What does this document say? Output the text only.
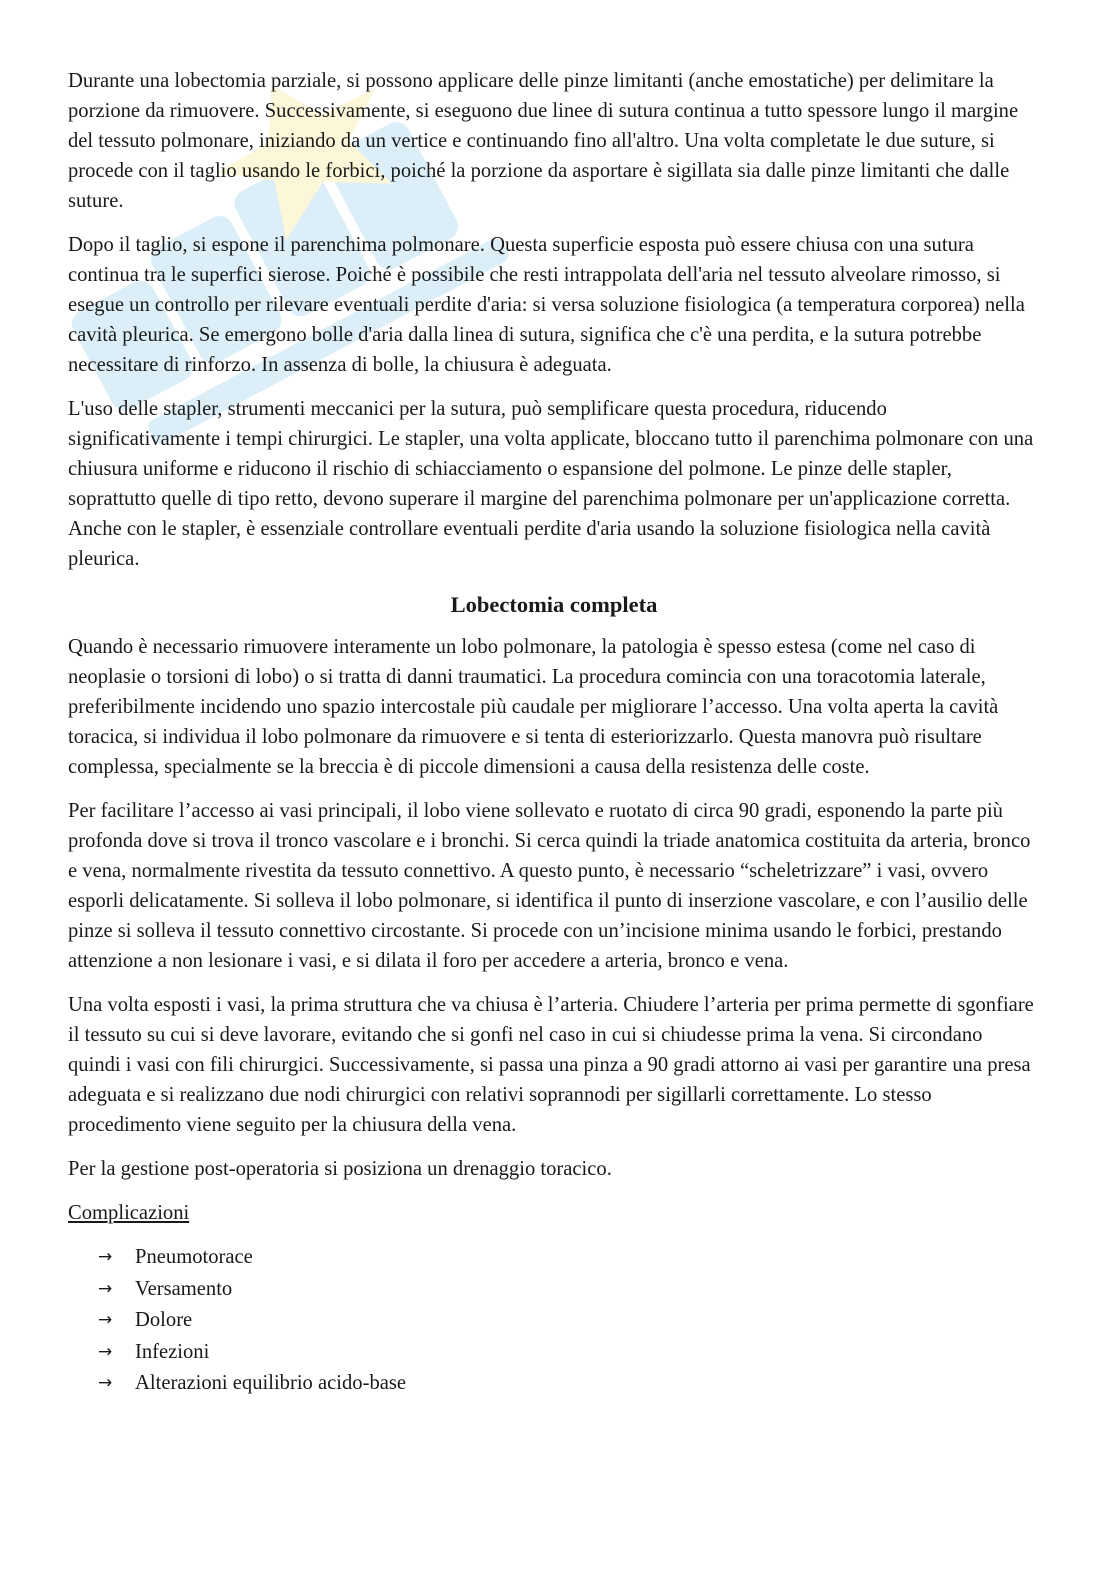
Durante una lobectomia parziale, si possono applicare delle pinze limitanti (anche emostatiche) per delimitare la porzione da rimuovere. Successivamente, si eseguono due linee di sutura continua a tutto spessore lungo il margine del tessuto polmonare, iniziando da un vertice e continuando fino all'altro. Una volta completate le due suture, si procede con il taglio usando le forbici, poiché la porzione da asportare è sigillata sia dalle pinze limitanti che dalle suture.

Dopo il taglio, si espone il parenchima polmonare. Questa superficie esposta può essere chiusa con una sutura continua tra le superfici sierose. Poiché è possibile che resti intrappolata dell'aria nel tessuto alveolare rimosso, si esegue un controllo per rilevare eventuali perdite d'aria: si versa soluzione fisiologica (a temperatura corporea) nella cavità pleurica. Se emergono bolle d'aria dalla linea di sutura, significa che c'è una perdita, e la sutura potrebbe necessitare di rinforzo. In assenza di bolle, la chiusura è adeguata.

L'uso delle stapler, strumenti meccanici per la sutura, può semplificare questa procedura, riducendo significativamente i tempi chirurgici. Le stapler, una volta applicate, bloccano tutto il parenchima polmonare con una chiusura uniforme e riducono il rischio di schiacciamento o espansione del polmone. Le pinze delle stapler, soprattutto quelle di tipo retto, devono superare il margine del parenchima polmonare per un'applicazione corretta. Anche con le stapler, è essenziale controllare eventuali perdite d'aria usando la soluzione fisiologica nella cavità pleurica.

Lobectomia completa

Quando è necessario rimuovere interamente un lobo polmonare, la patologia è spesso estesa (come nel caso di neoplasie o torsioni di lobo) o si tratta di danni traumatici. La procedura comincia con una toracotomia laterale, preferibilmente incidendo uno spazio intercostale più caudale per migliorare l’accesso. Una volta aperta la cavità toracica, si individua il lobo polmonare da rimuovere e si tenta di esteriorizzarlo. Questa manovra può risultare complessa, specialmente se la breccia è di piccole dimensioni a causa della resistenza delle coste.

Per facilitare l’accesso ai vasi principali, il lobo viene sollevato e ruotato di circa 90 gradi, esponendo la parte più profonda dove si trova il tronco vascolare e i bronchi. Si cerca quindi la triade anatomica costituita da arteria, bronco e vena, normalmente rivestita da tessuto connettivo. A questo punto, è necessario “scheletrizzare” i vasi, ovvero esporli delicatamente. Si solleva il lobo polmonare, si identifica il punto di inserzione vascolare, e con l’ausilio delle pinze si solleva il tessuto connettivo circostante. Si procede con un’incisione minima usando le forbici, prestando attenzione a non lesionare i vasi, e si dilata il foro per accedere a arteria, bronco e vena.

Una volta esposti i vasi, la prima struttura che va chiusa è l’arteria. Chiudere l’arteria per prima permette di sgonfiare il tessuto su cui si deve lavorare, evitando che si gonfi nel caso in cui si chiudesse prima la vena. Si circondano quindi i vasi con fili chirurgici. Successivamente, si passa una pinza a 90 gradi attorno ai vasi per garantire una presa adeguata e si realizzano due nodi chirurgici con relativi soprannodi per sigillarli correttamente. Lo stesso procedimento viene seguito per la chiusura della vena.

Per la gestione post-operatoria si posiziona un drenaggio toracico.

Complicazioni

→	Pneumotorace
→	Versamento
→	Dolore
→	Infezioni
→	Alterazioni equilibrio acido-base
